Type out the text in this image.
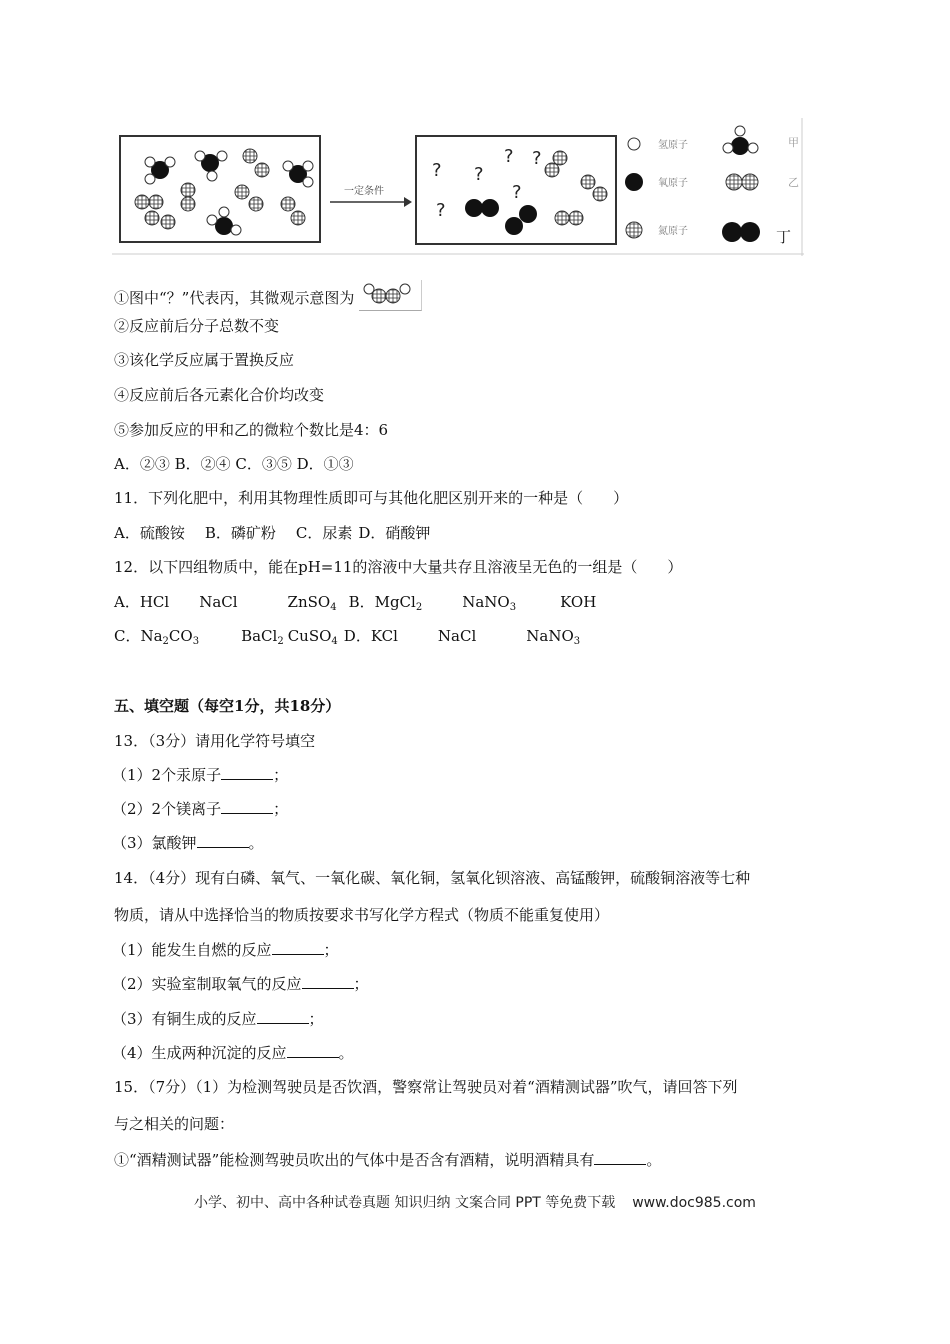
一定条件
? ?
? ?
?
?
氢原子
氧原子
氮原子
甲
乙
丁
①图中“？”代表丙，其微观示意图为
②反应前后分子总数不变
③该化学反应属于置换反应
④反应前后各元素化合价均改变
⑤参加反应的甲和乙的微粒个数比是4：6
A．②③ B．②④ C．③⑤ D．①③
11．下列化肥中，利用其物理性质即可与其他化肥区别开来的一种是（　　）
A．硫酸铵 B．磷矿粉 C．尿素 D．硝酸钾
12．以下四组物质中，能在pH=11的溶液中大量共存且溶液呈无色的一组是（　　）
A．HCl NaCl	ZnSO$_4$ B．MgCl$_2$	NaNO$_3$	KOH
C．$Na_2CO_3$	BaCl$_2$ CuSO$_4$ D．KCl	NaCl	NaNO$_3$
五、填空题（每空1分，共18分）
13．（3分）请用化学符号填空
（1）2个汞原子	；
（2）2个镁离子	；
（3）氯酸钾	。
14．（4分）现有白磷、氧气、一氧化碳、氧化铜，氢氧化钡溶液、高锰酸钾，硫酸铜溶液等七种
物质，请从中选择恰当的物质按要求书写化学方程式（物质不能重复使用）
（1）能发生自燃的反应	；
（2）实验室制取氧气的反应	；
（3）有铜生成的反应	；
（4）生成两种沉淀的反应	。
15．（7分）（1）为检测驾驶员是否饮酒，警察常让驾驶员对着“酒精测试器”吹气，请回答下列
与之相关的问题：
①“酒精测试器”能检测驾驶员吹出的气体中是否含有酒精，说明酒精具有	。
小学、初中、高中各种试卷真题 知识归纳 文案合同 PPT 等免费下载 www.doc985.com
